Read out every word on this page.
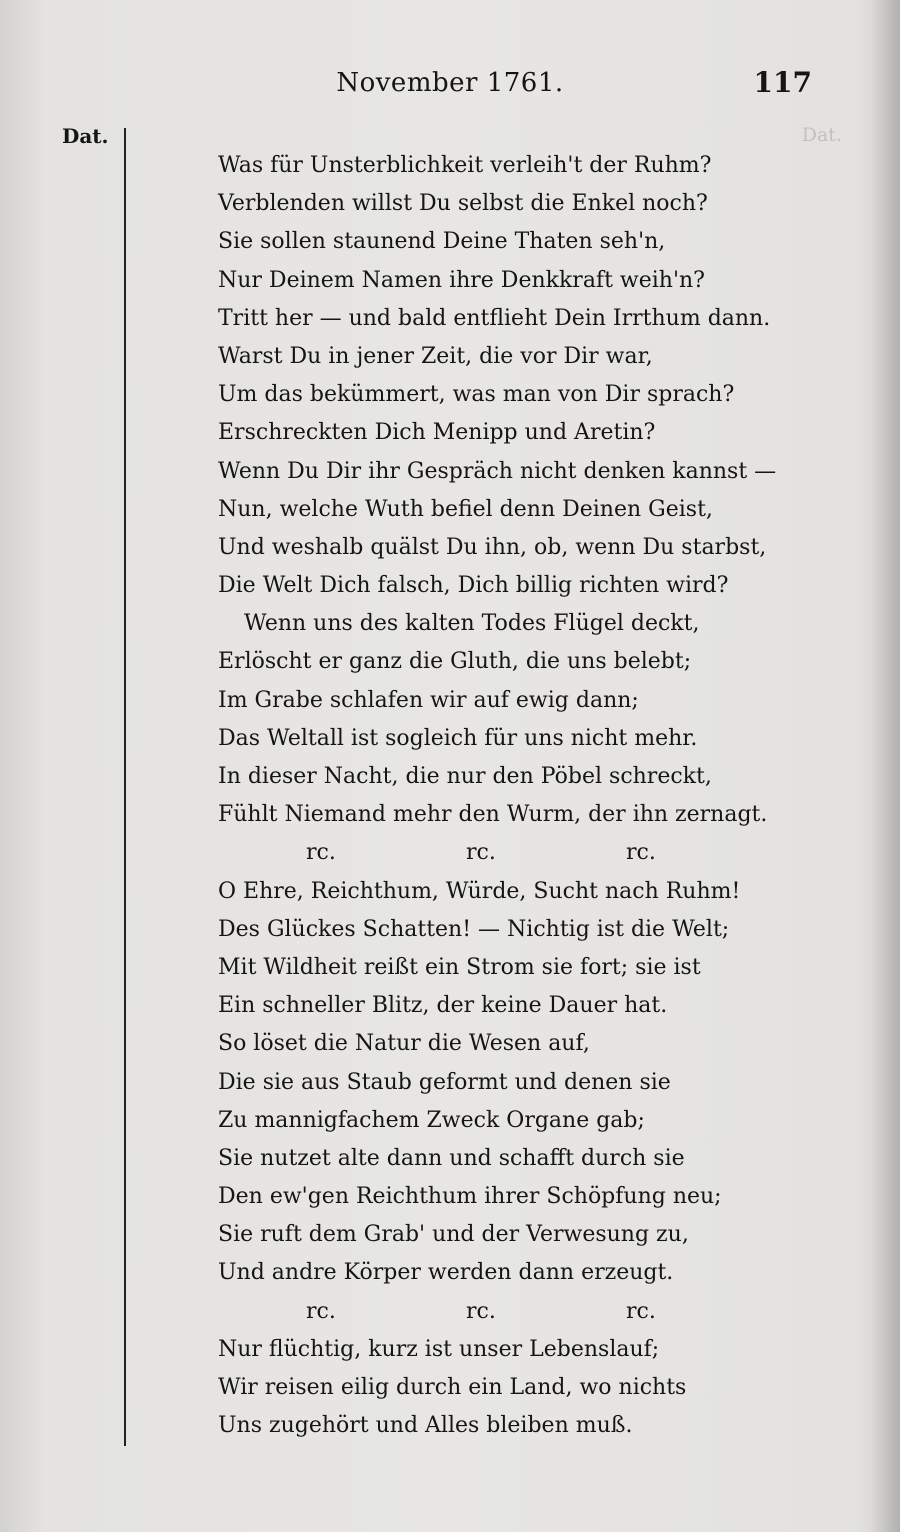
Dat.
November 1761.	117
Dat.
Was für Unsterblichkeit verleih't der Ruhm?
Verblenden willst Du selbst die Enkel noch?
Sie sollen staunend Deine Thaten seh'n,
Nur Deinem Namen ihre Denkkraft weih'n?
Tritt her — und bald entflieht Dein Irrthum dann.
Warst Du in jener Zeit, die vor Dir war,
Um das bekümmert, was man von Dir sprach?
Erschreckten Dich Menipp und Aretin?
Wenn Du Dir ihr Gespräch nicht denken kannst —
Nun, welche Wuth befiel denn Deinen Geist,
Und weshalb quälst Du ihn, ob, wenn Du starbst,
Die Welt Dich falsch, Dich billig richten wird?
Wenn uns des kalten Todes Flügel deckt,
Erlöscht er ganz die Gluth, die uns belebt;
Im Grabe schlafen wir auf ewig dann;
Das Weltall ist sogleich für uns nicht mehr.
In dieser Nacht, die nur den Pöbel schreckt,
Fühlt Niemand mehr den Wurm, der ihn zernagt.
rc.	rc.	rc.
O Ehre, Reichthum, Würde, Sucht nach Ruhm!
Des Glückes Schatten! — Nichtig ist die Welt;
Mit Wildheit reißt ein Strom sie fort; sie ist
Ein schneller Blitz, der keine Dauer hat.
So löset die Natur die Wesen auf,
Die sie aus Staub geformt und denen sie
Zu mannigfachem Zweck Organe gab;
Sie nutzet alte dann und schafft durch sie
Den ew'gen Reichthum ihrer Schöpfung neu;
Sie ruft dem Grab' und der Verwesung zu,
Und andre Körper werden dann erzeugt.
rc.	rc.	rc.
Nur flüchtig, kurz ist unser Lebenslauf;
Wir reisen eilig durch ein Land, wo nichts
Uns zugehört und Alles bleiben muß.
